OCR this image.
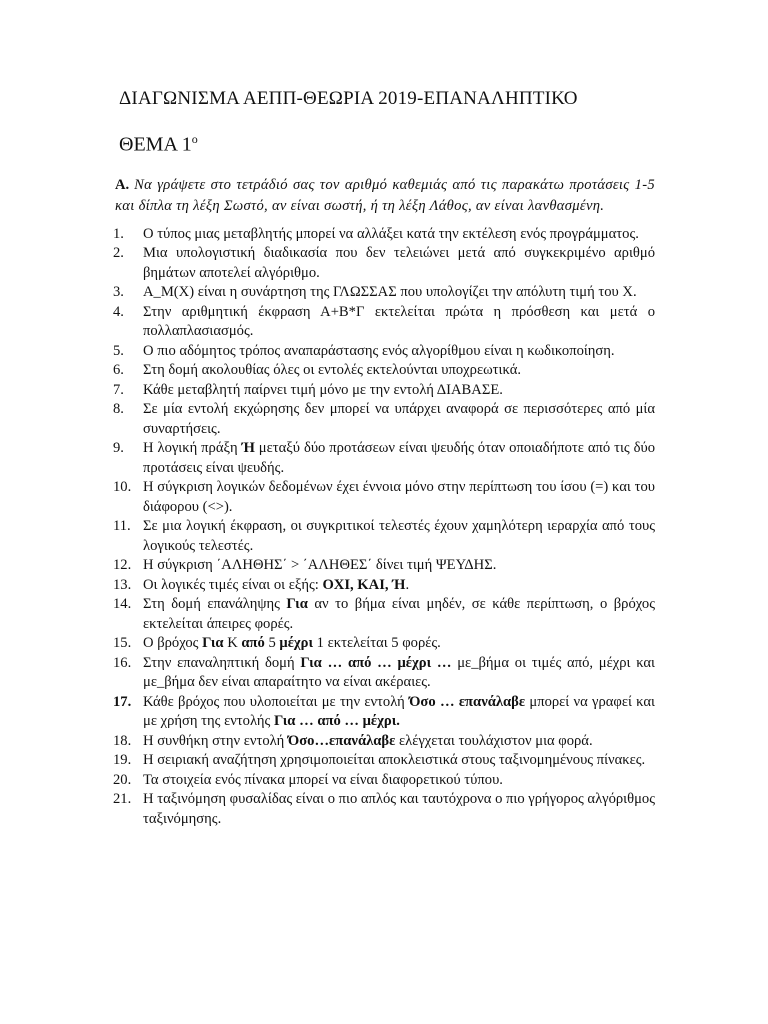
ΔΙΑΓΩΝΙΣΜΑ ΑΕΠΠ-ΘΕΩΡΙΑ 2019-ΕΠΑΝΑΛΗΠΤΙΚΟ
ΘΕΜΑ $1^o$

Α. Να γράψετε στο τετράδιό σας τον αριθμό καθεμιάς από τις παρακάτω προτάσεις 1-5 και δίπλα τη λέξη Σωστό, αν είναι σωστή, ή τη λέξη Λάθος, αν είναι λανθασμένη.

1.	Ο τύπος μιας μεταβλητής μπορεί να αλλάξει κατά την εκτέλεση ενός προγράμματος.
2.	Μια υπολογιστική διαδικασία που δεν τελειώνει μετά από συγκεκριμένο αριθμό βημάτων αποτελεί αλγόριθμο.
3.	Α_Μ(Χ) είναι η συνάρτηση της ΓΛΩΣΣΑΣ που υπολογίζει την απόλυτη τιμή του Χ.
4.	Στην αριθμητική έκφραση Α+Β*Γ εκτελείται πρώτα η πρόσθεση και μετά ο πολλαπλασιασμός.
5.	Ο πιο αδόμητος τρόπος αναπαράστασης ενός αλγορίθμου είναι η κωδικοποίηση.
6.	Στη δομή ακολουθίας όλες οι εντολές εκτελούνται υποχρεωτικά.
7.	Κάθε μεταβλητή παίρνει τιμή μόνο με την εντολή ΔΙΑΒΑΣΕ.
8.	Σε μία εντολή εκχώρησης δεν μπορεί να υπάρχει αναφορά σε περισσότερες από μία συναρτήσεις.
9.	Η λογική πράξη Ή μεταξύ δύο προτάσεων είναι ψευδής όταν οποιαδήποτε από τις δύο προτάσεις είναι ψευδής.
10. Η σύγκριση λογικών δεδομένων έχει έννοια μόνο στην περίπτωση του ίσου (=) και του διάφορου (<>).
11. Σε μια λογική έκφραση, οι συγκριτικοί τελεστές έχουν χαμηλότερη ιεραρχία από τους λογικούς τελεστές.
12. Η σύγκριση ΄ΑΛΗΘΗΣ΄ > ΄ΑΛΗΘΕΣ΄ δίνει τιμή ΨΕΥΔΗΣ.
13. Οι λογικές τιμές είναι οι εξής: ΟΧΙ, ΚΑΙ, Ή.
14. Στη δομή επανάληψης Για αν το βήμα είναι μηδέν, σε κάθε περίπτωση, ο βρόχος εκτελείται άπειρες φορές.
15. Ο βρόχος Για Κ από 5 μέχρι 1 εκτελείται 5 φορές.
16. Στην επαναληπτική δομή Για … από … μέχρι … με_βήμα οι τιμές από, μέχρι και με_βήμα δεν είναι απαραίτητο να είναι ακέραιες.
17. Κάθε βρόχος που υλοποιείται με την εντολή Όσο … επανάλαβε μπορεί να γραφεί και με χρήση της εντολής Για … από … μέχρι.
18. Η συνθήκη στην εντολή Όσο…επανάλαβε ελέγχεται τουλάχιστον μια φορά.
19. Η σειριακή αναζήτηση χρησιμοποιείται αποκλειστικά στους ταξινομημένους πίνακες.
20. Τα στοιχεία ενός πίνακα μπορεί να είναι διαφορετικού τύπου.
21. Η ταξινόμηση φυσαλίδας είναι ο πιο απλός και ταυτόχρονα ο πιο γρήγορος αλγόριθμος ταξινόμησης.
